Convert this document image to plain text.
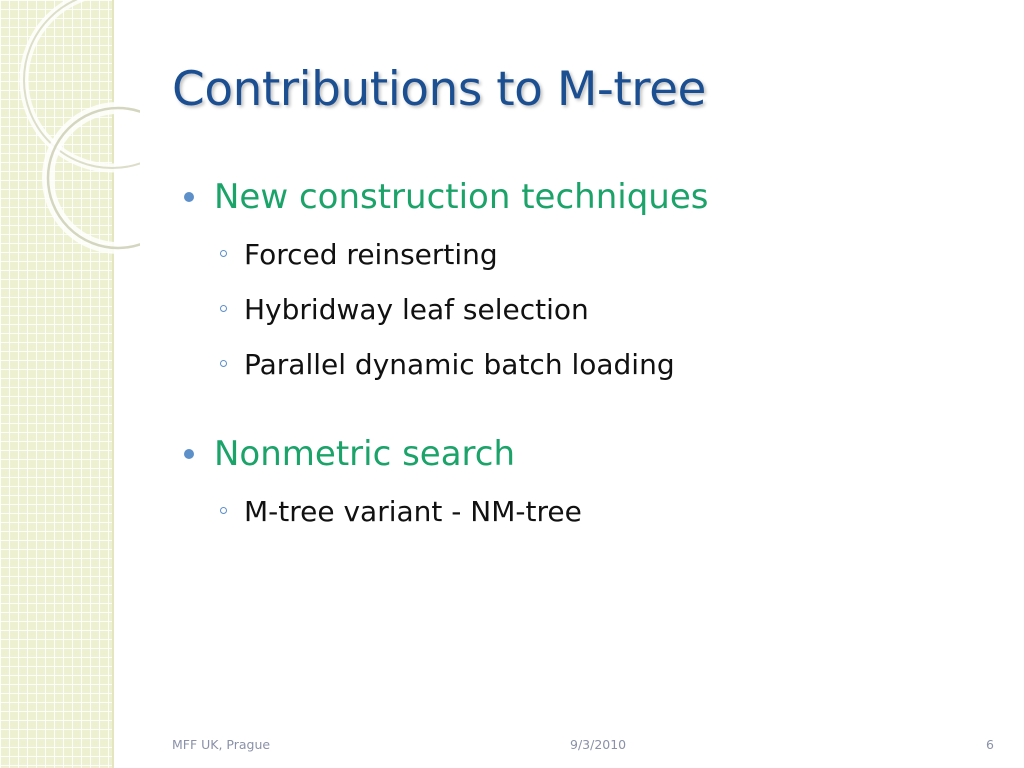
Contributions to M-tree
New construction techniques
Forced reinserting
Hybridway leaf selection
Parallel dynamic batch loading
Nonmetric search
M-tree variant - NM-tree
MFF UK, Prague	9/3/2010	6
